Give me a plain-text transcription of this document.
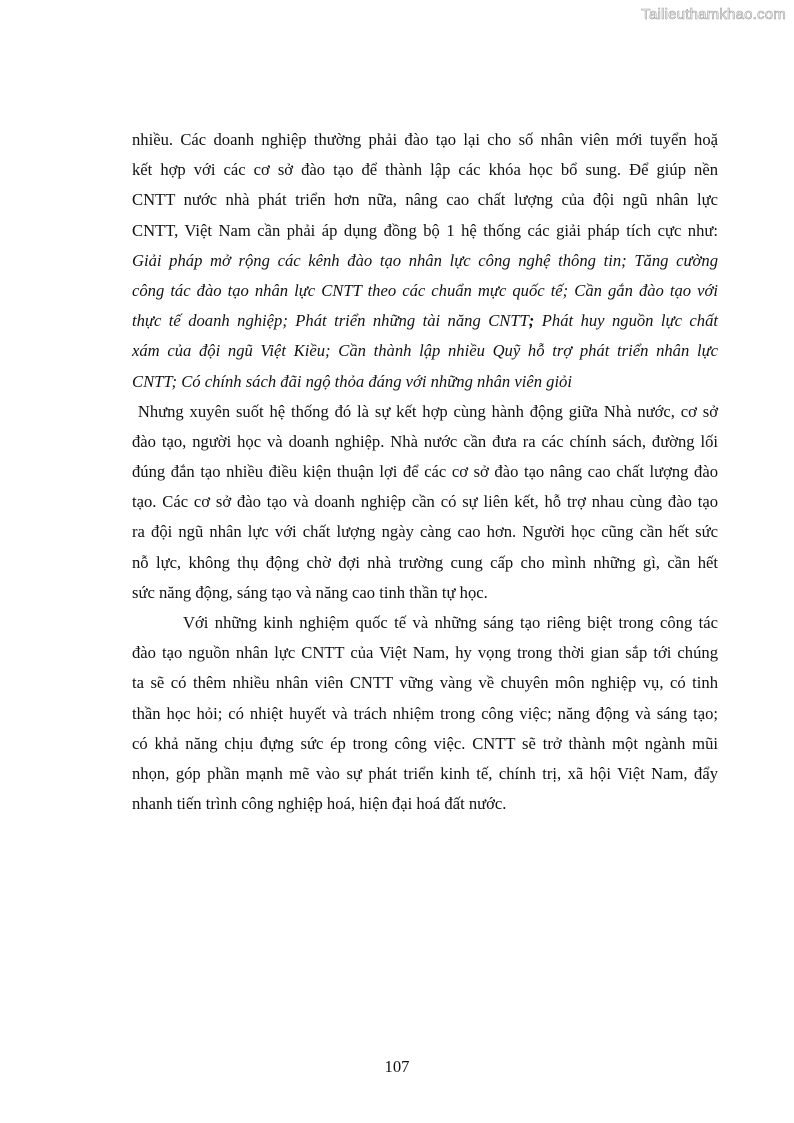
Tailieuthamkhao.com
nhiều. Các doanh nghiệp thường phải đào tạo lại cho số nhân viên mới tuyển hoặ
kết hợp với các cơ sở đào tạo để thành lập các khóa học bổ sung. Để giúp nền
CNTT nước nhà phát triển hơn nữa, nâng cao chất lượng của đội ngũ nhân lực
CNTT, Việt Nam cần phải áp dụng đồng bộ 1 hệ thống các giải pháp tích cực như:
Giải pháp mở rộng các kênh đào tạo nhân lực công nghệ thông tin; Tăng cường
công tác đào tạo nhân lực CNTT theo các chuẩn mực quốc tế; Cần gắn đào tạo với
thực tế doanh nghiệp; Phát triển những tài năng CNTT; Phát huy nguồn lực chất
xám của đội ngũ Việt Kiều; Cần thành lập nhiều Quỹ hỗ trợ phát triển nhân lực
CNTT; Có chính sách đãi ngộ thỏa đáng với những nhân viên giỏi
Nhưng xuyên suốt hệ thống đó là sự kết hợp cùng hành động giữa Nhà nước, cơ sở
đào tạo, người học và doanh nghiệp. Nhà nước cần đưa ra các chính sách, đường lối
đúng đắn tạo nhiều điều kiện thuận lợi để các cơ sở đào tạo nâng cao chất lượng đào
tạo. Các cơ sở đào tạo và doanh nghiệp cần có sự liên kết, hỗ trợ nhau cùng đào tạo
ra đội ngũ nhân lực với chất lượng ngày càng cao hơn. Người học cũng cần hết sức
nỗ lực, không thụ động chờ đợi nhà trường cung cấp cho mình những gì, cần hết
sức năng động, sáng tạo và năng cao tinh thần tự học.
Với những kinh nghiệm quốc tế và những sáng tạo riêng biệt trong công tác
đào tạo nguồn nhân lực CNTT của Việt Nam, hy vọng trong thời gian sắp tới chúng
ta sẽ có thêm nhiều nhân viên CNTT vững vàng về chuyên môn nghiệp vụ, có tinh
thần học hỏi; có nhiệt huyết và trách nhiệm trong công việc; năng động và sáng tạo;
có khả năng chịu đựng sức ép trong công việc. CNTT sẽ trở thành một ngành mũi
nhọn, góp phần mạnh mẽ vào sự phát triển kinh tế, chính trị, xã hội Việt Nam, đẩy
nhanh tiến trình công nghiệp hoá, hiện đại hoá đất nước.
107
